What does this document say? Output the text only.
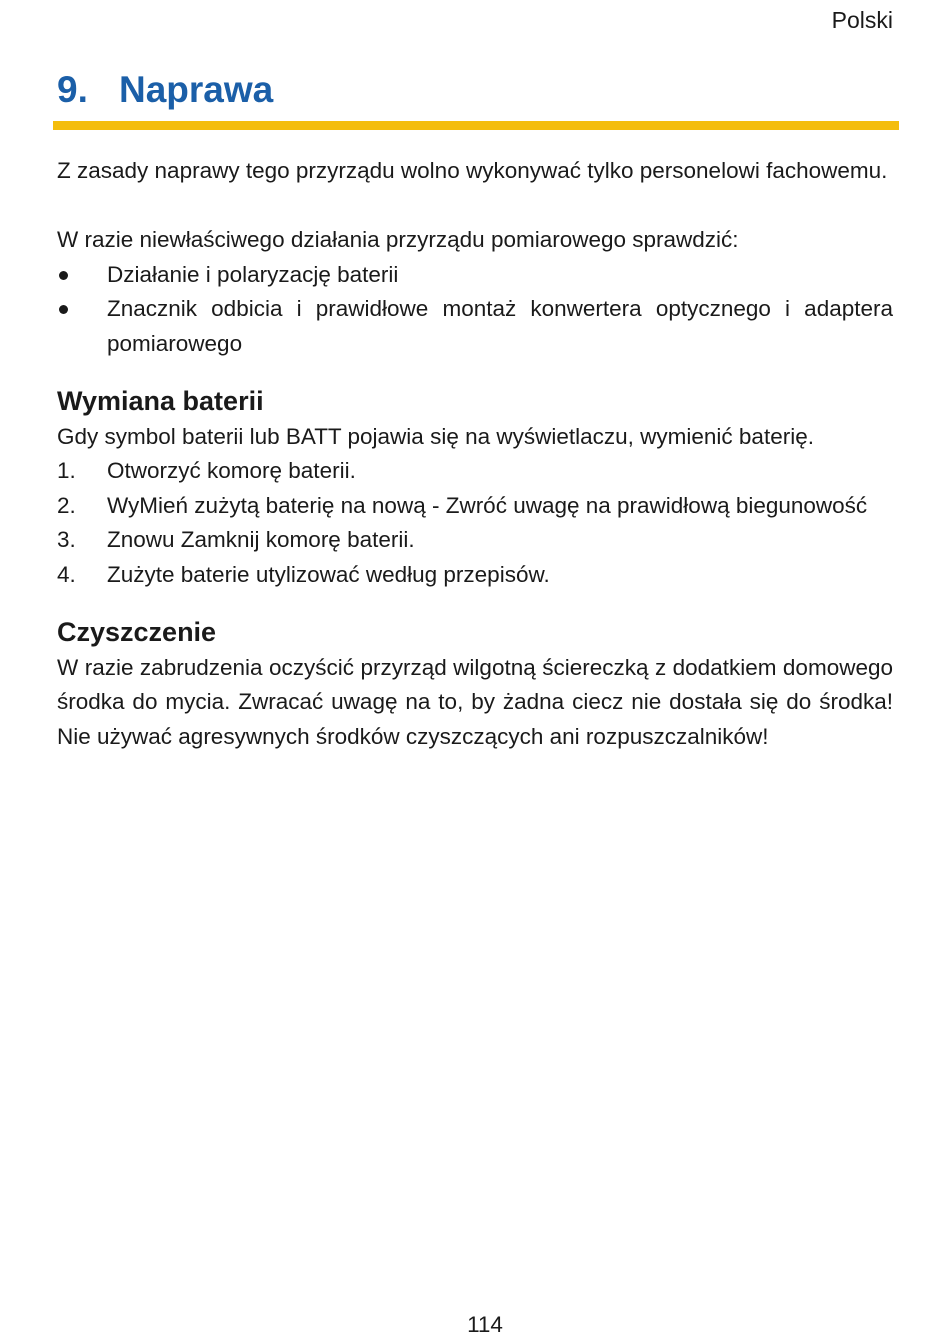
Polski
9. Naprawa

Z zasady naprawy tego przyrządu wolno wykonywać tylko personelowi fachowemu.

W razie niewłaściwego działania przyrządu pomiarowego sprawdzić:

Działanie i polaryzację baterii
Znacznik odbicia i prawidłowe montaż konwertera optycznego i adaptera pomiarowego
Wymiana baterii

Gdy symbol baterii lub BATT pojawia się na wyświetlaczu, wymienić baterię.

1. Otworzyć komorę baterii.
2. WyMień zużytą baterię na nową - Zwróć uwagę na prawidłową biegunowość
3. Znowu Zamknij komorę baterii.
4. Zużyte baterie utylizować według przepisów.
Czyszczenie

W razie zabrudzenia oczyścić przyrząd wilgotną ściereczką z dodatkiem domowego środka do mycia. Zwracać uwagę na to, by żadna ciecz nie dostała się do środka! Nie używać agresywnych środków czyszczących ani rozpuszczalników!

114
